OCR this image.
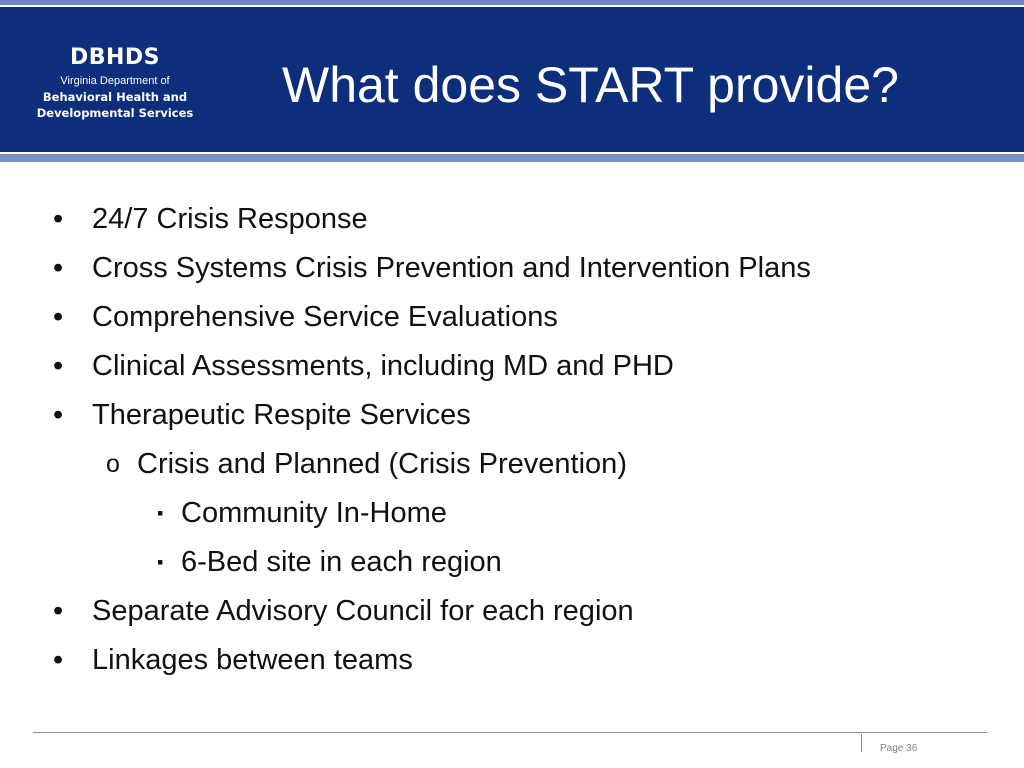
DBHDS
Virginia Department of
Behavioral Health and
Developmental Services What does START provide?
• 24/7 Crisis Response
• Cross Systems Crisis Prevention and Intervention Plans
• Comprehensive Service Evaluations
• Clinical Assessments, including MD and PHD
• Therapeutic Respite Services
o Crisis and Planned (Crisis Prevention)
▪ Community In-Home
▪ 6-Bed site in each region
• Separate Advisory Council for each region
• Linkages between teams
Page 36
